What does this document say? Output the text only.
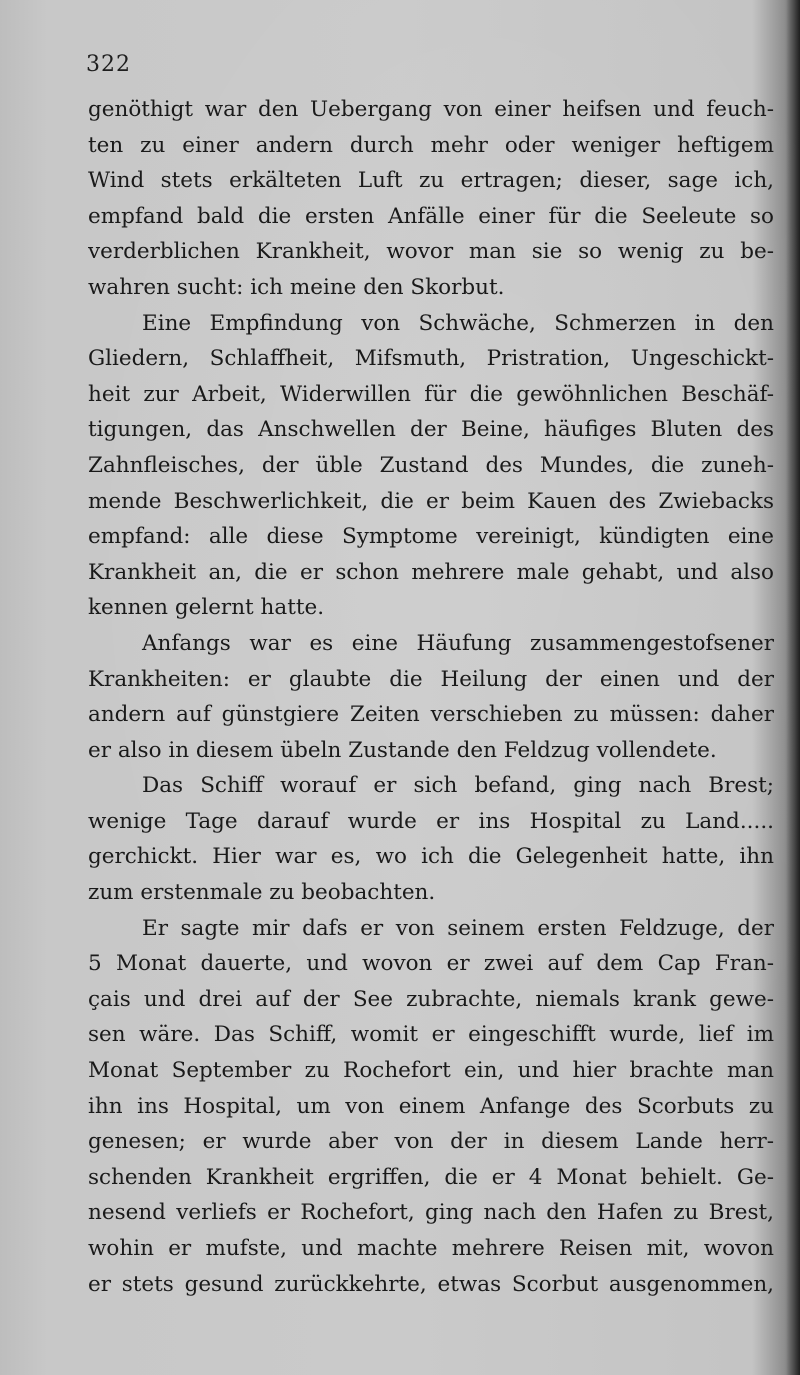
322
genöthigt war den Uebergang von einer heifsen und feuch-
ten zu einer andern durch mehr oder weniger heftigem
Wind stets erkälteten Luft zu ertragen; dieser, sage ich,
empfand bald die ersten Anfälle einer für die Seeleute so
verderblichen Krankheit, wovor man sie so wenig zu be-
wahren sucht: ich meine den Skorbut.
Eine Empfindung von Schwäche, Schmerzen in den
Gliedern, Schlaffheit, Mifsmuth, Pristration, Ungeschickt-
heit zur Arbeit, Widerwillen für die gewöhnlichen Beschäf-
tigungen, das Anschwellen der Beine, häufiges Bluten des
Zahnfleisches, der üble Zustand des Mundes, die zuneh-
mende Beschwerlichkeit, die er beim Kauen des Zwiebacks
empfand: alle diese Symptome vereinigt, kündigten eine
Krankheit an, die er schon mehrere male gehabt, und also
kennen gelernt hatte.
Anfangs war es eine Häufung zusammengestofsener
Krankheiten: er glaubte die Heilung der einen und der
andern auf günstgiere Zeiten verschieben zu müssen: daher
er also in diesem übeln Zustande den Feldzug vollendete.
Das Schiff worauf er sich befand, ging nach Brest;
wenige Tage darauf wurde er ins Hospital zu Land.....
gerchickt. Hier war es, wo ich die Gelegenheit hatte, ihn
zum erstenmale zu beobachten.
Er sagte mir dafs er von seinem ersten Feldzuge, der
5 Monat dauerte, und wovon er zwei auf dem Cap Fran-
çais und drei auf der See zubrachte, niemals krank gewe-
sen wäre. Das Schiff, womit er eingeschifft wurde, lief im
Monat September zu Rochefort ein, und hier brachte man
ihn ins Hospital, um von einem Anfange des Scorbuts zu
genesen; er wurde aber von der in diesem Lande herr-
schenden Krankheit ergriffen, die er 4 Monat behielt. Ge-
nesend verliefs er Rochefort, ging nach den Hafen zu Brest,
wohin er mufste, und machte mehrere Reisen mit, wovon
er stets gesund zurückkehrte, etwas Scorbut ausgenommen,
